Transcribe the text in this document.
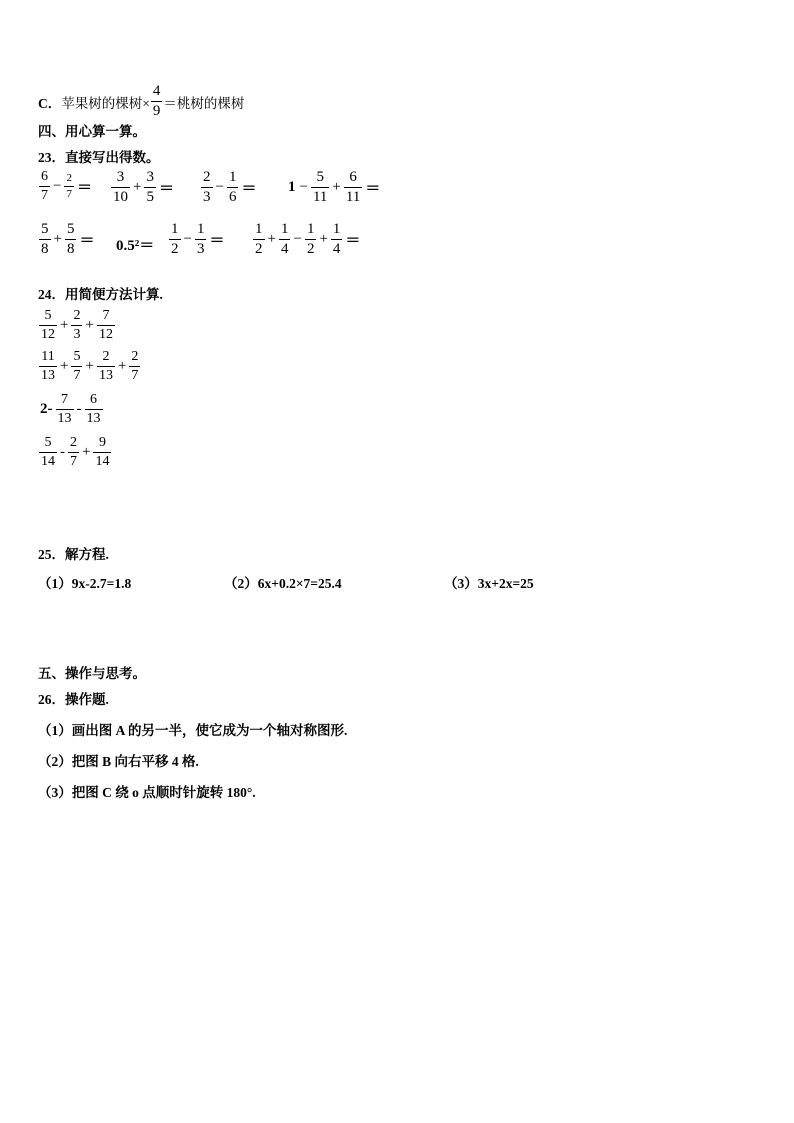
C． 苹果树的棵树× $\frac{4}{9}$ ＝桃树的棵树
四、用心算一算。
23．直接写出得数。
$\frac{6}{7} - \frac{2}{7} = \frac{3}{10} + \frac{3}{5} = \frac{2}{3} - \frac{1}{6} = 1 - \frac{5}{11} + \frac{6}{11}$ ＝
$\frac{5}{8} + \frac{5}{8} = 0.5^2= \frac{1}{2} - \frac{1}{3} = \frac{1}{2} + \frac{1}{4} - \frac{1}{2} + \frac{1}{4}$ ＝
24．用简便方法计算.
$\frac{5}{12} + \frac{2}{3} + \frac{7}{12}$
$\frac{11}{13} + \frac{5}{7} + \frac{2}{13} + \frac{2}{7}$
$2- \frac{7}{13} - \frac{6}{13}$
$\frac{5}{14} - \frac{2}{7} + \frac{9}{14}$
25．解方程.
（1）9x-2.7=1.8	（2）6x+0.2×7=25.4	（3）3x+2x=25
五、操作与思考。
26．操作题.
（1）画出图 A 的另一半，使它成为一个轴对称图形.
（2）把图 B 向右平移 4 格.
（3）把图 C 绕 o 点顺时针旋转 180°.
